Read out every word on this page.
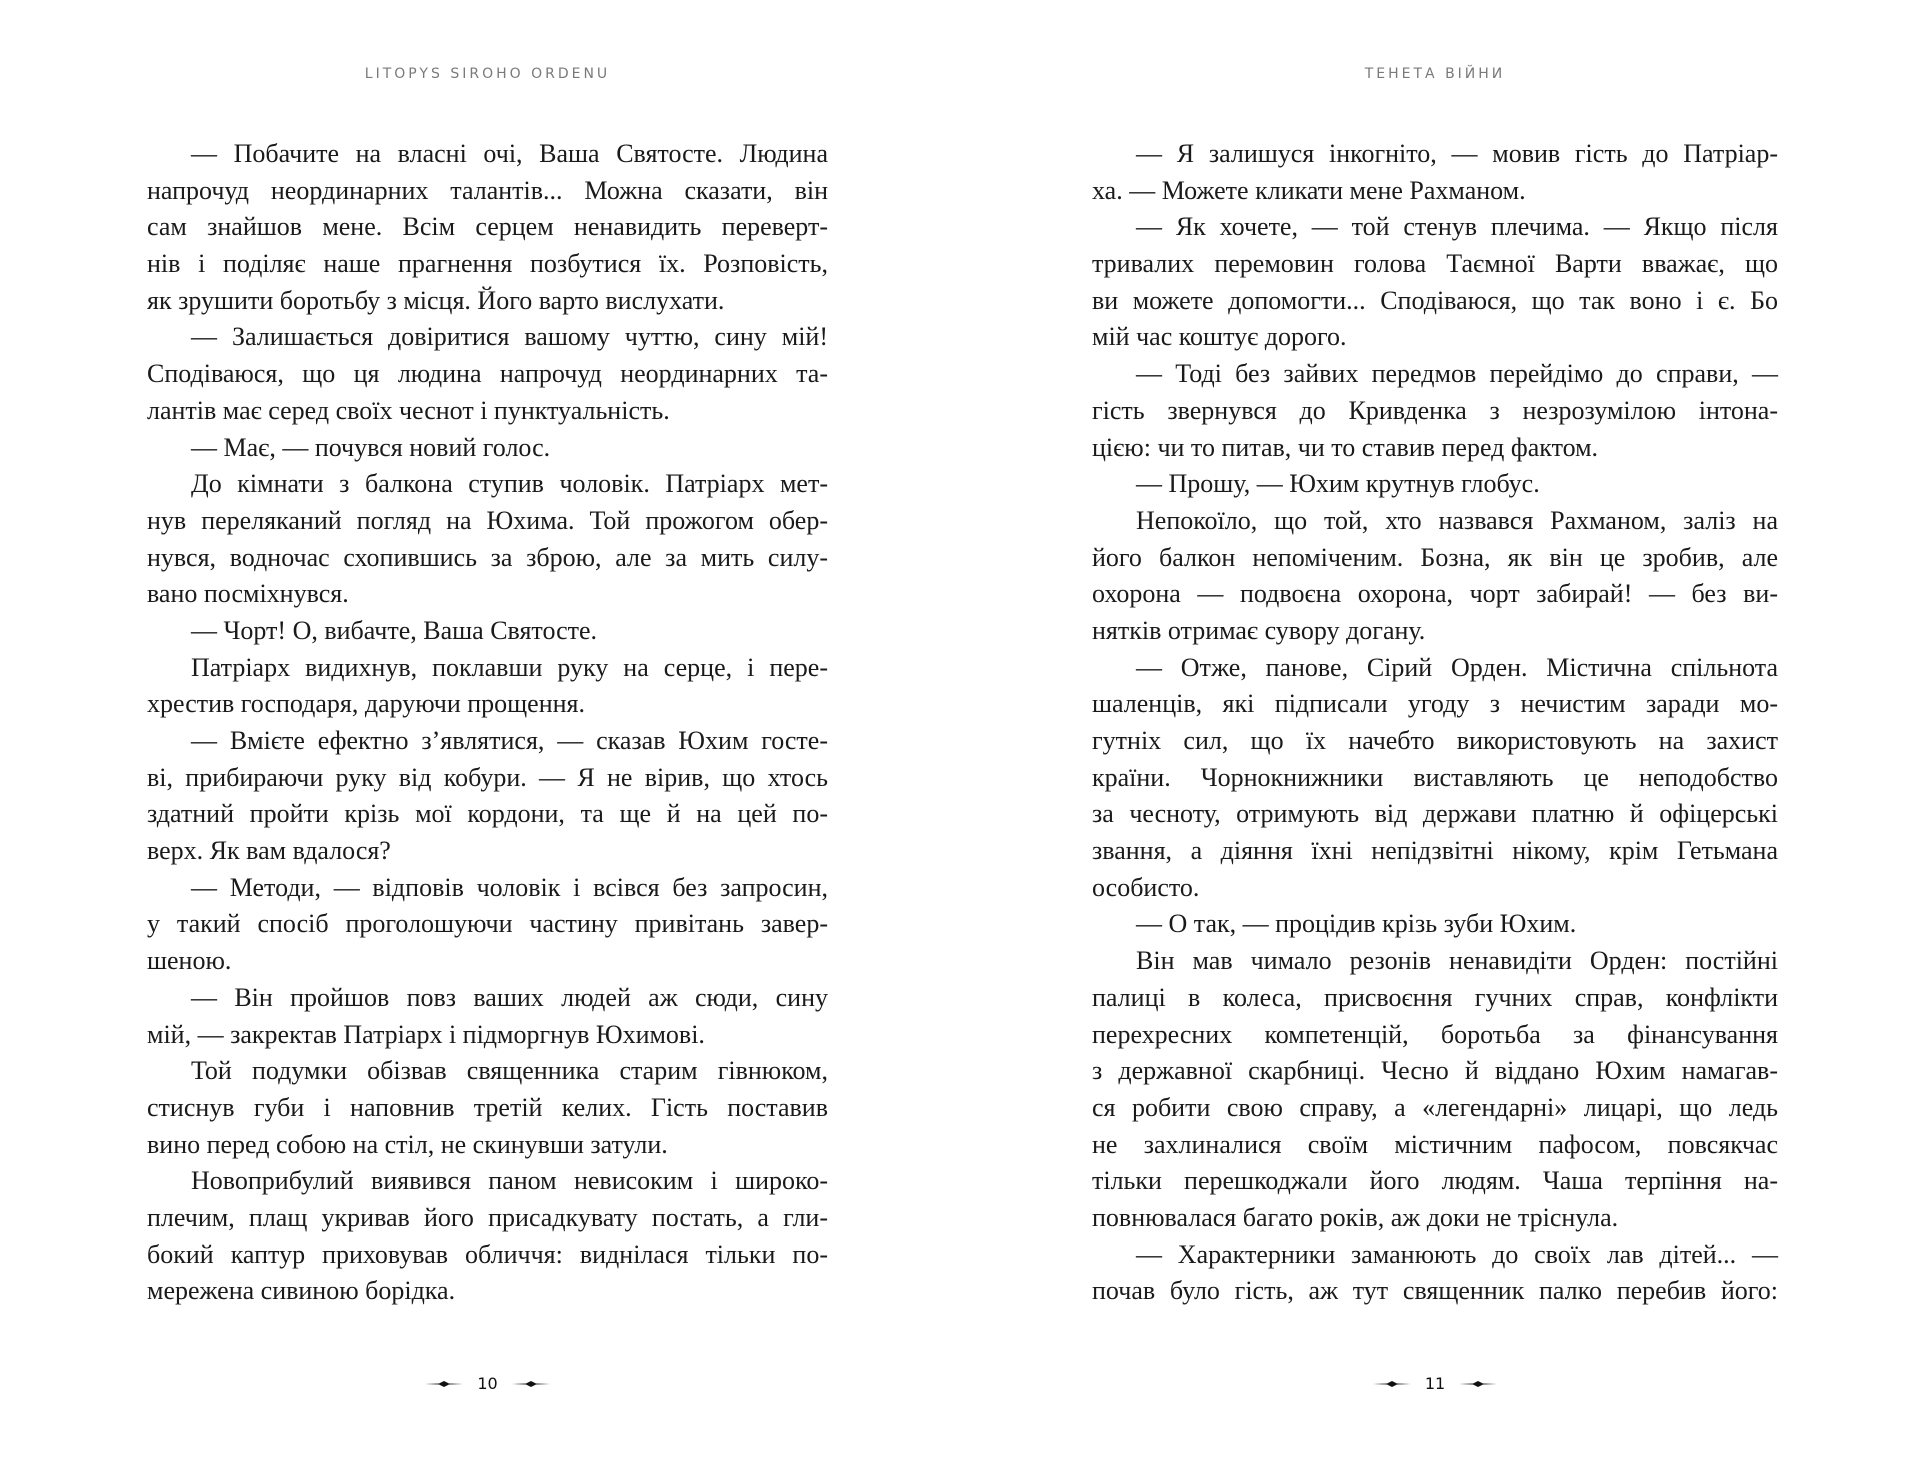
LITOPYS SIROHO ORDENU
— Побачите на власні очі, Ваша Святосте. Людина
напрочуд неординарних талантів... Можна сказати, він
сам знайшов мене. Всім серцем ненавидить переверт-
нів і поділяє наше прагнення позбутися їх. Розповість,
як зрушити боротьбу з місця. Його варто вислухати.
— Залишається довіритися вашому чуттю, сину мій!
Сподіваюся, що ця людина напрочуд неординарних та-
лантів має серед своїх чеснот і пунктуальність.
— Має, — почувся новий голос.
До кімнати з балкона ступив чоловік. Патріарх мет-
нув переляканий погляд на Юхима. Той прожогом обер-
нувся, водночас схопившись за зброю, але за мить силу-
вано посміхнувся.
— Чорт! О, вибачте, Ваша Святосте.
Патріарх видихнув, поклавши руку на серце, і пере-
хрестив господаря, даруючи прощення.
— Вмієте ефектно з’являтися, — сказав Юхим госте-
ві, прибираючи руку від кобури. — Я не вірив, що хтось
здатний пройти крізь мої кордони, та ще й на цей по-
верх. Як вам вдалося?
— Методи, — відповів чоловік і всівся без запросин,
у такий спосіб проголошуючи частину привітань завер-
шеною.
— Він пройшов повз ваших людей аж сюди, сину
мій, — закректав Патріарх і підморгнув Юхимові.
Той подумки обізвав священника старим гівнюком,
стиснув губи і наповнив третій келих. Гість поставив
вино перед собою на стіл, не скинувши затули.
Новоприбулий виявився паном невисоким і широко-
плечим, плащ укривав його присадкувату постать, а гли-
бокий каптур приховував обличчя: виднілася тільки по-
мережена сивиною борідка.
10
ТЕНЕТА ВІЙНИ
— Я залишуся інкогніто, — мовив гість до Патріар-
ха. — Можете кликати мене Рахманом.
— Як хочете, — той стенув плечима. — Якщо після
тривалих перемовин голова Таємної Варти вважає, що
ви можете допомогти... Сподіваюся, що так воно і є. Бо
мій час коштує дорого.
— Тоді без зайвих передмов перейдімо до справи, —
гість звернувся до Кривденка з незрозумілою інтона-
цією: чи то питав, чи то ставив перед фактом.
— Прошу, — Юхим крутнув глобус.
Непокоїло, що той, хто назвався Рахманом, заліз на
його балкон непоміченим. Бозна, як він це зробив, але
охорона — подвоєна охорона, чорт забирай! — без ви-
нятків отримає сувору догану.
— Отже, панове, Сірий Орден. Містична спільнота
шаленців, які підписали угоду з нечистим заради мо-
гутніх сил, що їх начебто використовують на захист
країни. Чорнокнижники виставляють це неподобство
за чесноту, отримують від держави платню й офіцерські
звання, а діяння їхні непідзвітні нікому, крім Гетьмана
особисто.
— О так, — процідив крізь зуби Юхим.
Він мав чимало резонів ненавидіти Орден: постійні
палиці в колеса, присвоєння гучних справ, конфлікти
перехресних компетенцій, боротьба за фінансування
з державної скарбниці. Чесно й віддано Юхим намагав-
ся робити свою справу, а «легендарні» лицарі, що ледь
не захлиналися своїм містичним пафосом, повсякчас
тільки перешкоджали його людям. Чаша терпіння на-
повнювалася багато років, аж доки не тріснула.
— Характерники заманюють до своїх лав дітей... —
почав було гість, аж тут священник палко перебив його:
11
